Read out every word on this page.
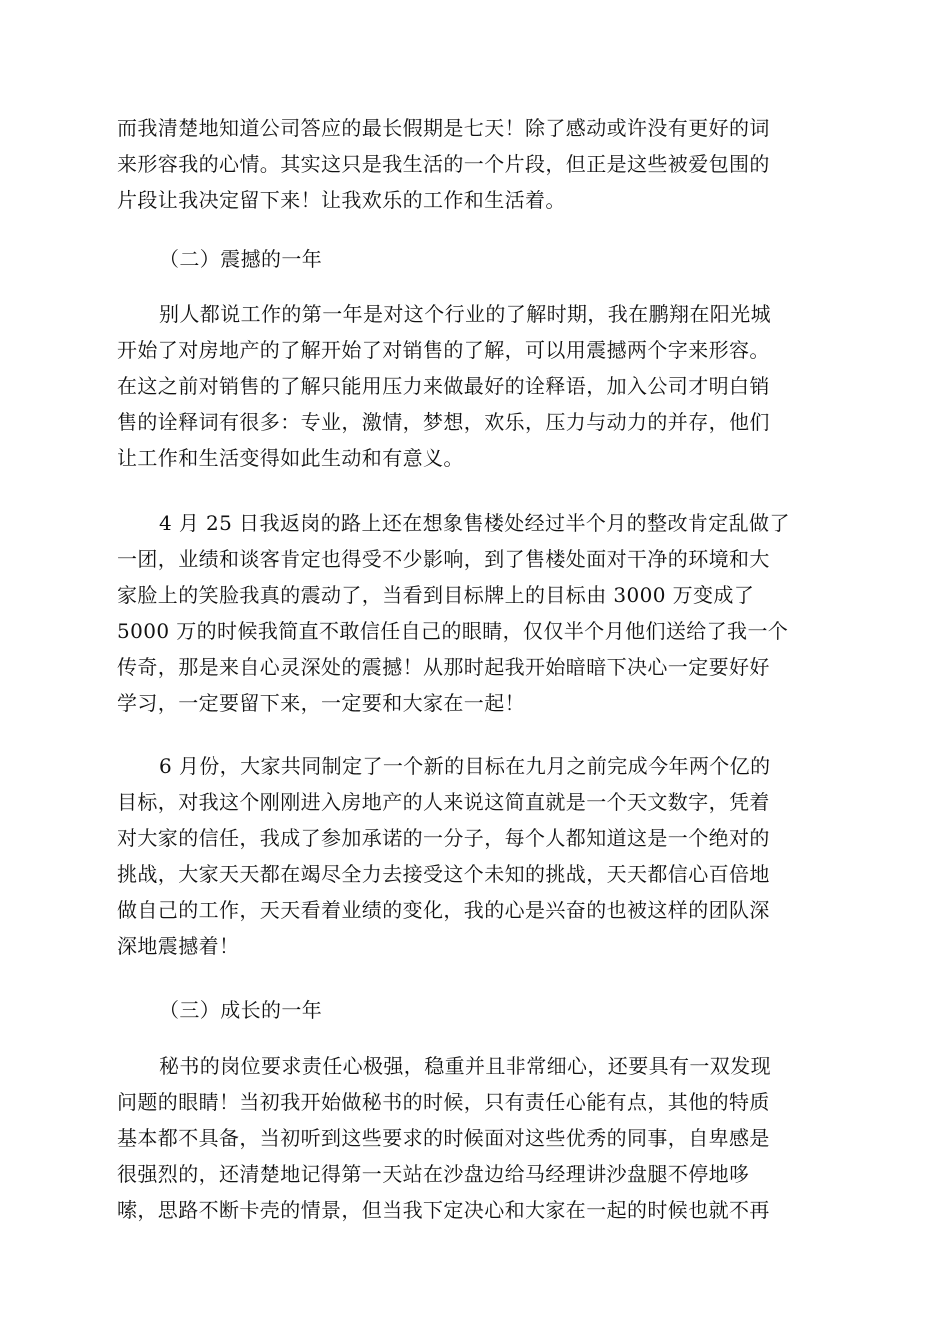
而我清楚地知道公司答应的最长假期是七天！除了感动或许没有更好的词
来形容我的心情。其实这只是我生活的一个片段，但正是这些被爱包围的
片段让我决定留下来！让我欢乐的工作和生活着。
（二）震撼的一年
别人都说工作的第一年是对这个行业的了解时期，我在鹏翔在阳光城
开始了对房地产的了解开始了对销售的了解，可以用震撼两个字来形容。
在这之前对销售的了解只能用压力来做最好的诠释语，加入公司才明白销
售的诠释词有很多：专业，激情，梦想，欢乐，压力与动力的并存，他们
让工作和生活变得如此生动和有意义。
4 月 25 日我返岗的路上还在想象售楼处经过半个月的整改肯定乱做了
一团，业绩和谈客肯定也得受不少影响，到了售楼处面对干净的环境和大
家脸上的笑脸我真的震动了，当看到目标牌上的目标由 3000 万变成了
5000 万的时候我简直不敢信任自己的眼睛，仅仅半个月他们送给了我一个
传奇，那是来自心灵深处的震撼！从那时起我开始暗暗下决心一定要好好
学习，一定要留下来，一定要和大家在一起！
6 月份，大家共同制定了一个新的目标在九月之前完成今年两个亿的
目标，对我这个刚刚进入房地产的人来说这简直就是一个天文数字，凭着
对大家的信任，我成了参加承诺的一分子，每个人都知道这是一个绝对的
挑战，大家天天都在竭尽全力去接受这个未知的挑战，天天都信心百倍地
做自己的工作，天天看着业绩的变化，我的心是兴奋的也被这样的团队深
深地震撼着！
（三）成长的一年
秘书的岗位要求责任心极强，稳重并且非常细心，还要具有一双发现
问题的眼睛！当初我开始做秘书的时候，只有责任心能有点，其他的特质
基本都不具备，当初听到这些要求的时候面对这些优秀的同事，自卑感是
很强烈的，还清楚地记得第一天站在沙盘边给马经理讲沙盘腿不停地哆
嗦，思路不断卡壳的情景，但当我下定决心和大家在一起的时候也就不再
